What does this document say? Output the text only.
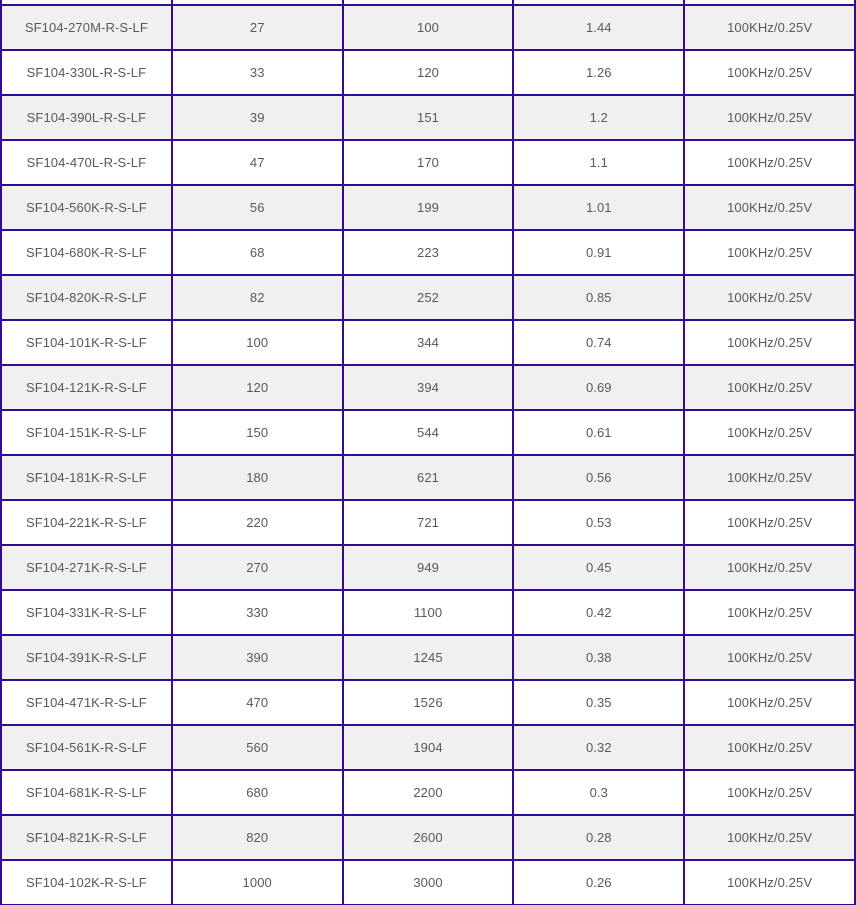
SF104-270M-R-S-LF	27	100	1.44	100KHz/0.25V
SF104-330L-R-S-LF	33	120	1.26	100KHz/0.25V
SF104-390L-R-S-LF	39	151	1.2	100KHz/0.25V
SF104-470L-R-S-LF	47	170	1.1	100KHz/0.25V
SF104-560K-R-S-LF	56	199	1.01	100KHz/0.25V
SF104-680K-R-S-LF	68	223	0.91	100KHz/0.25V
SF104-820K-R-S-LF	82	252	0.85	100KHz/0.25V
SF104-101K-R-S-LF	100	344	0.74	100KHz/0.25V
SF104-121K-R-S-LF	120	394	0.69	100KHz/0.25V
SF104-151K-R-S-LF	150	544	0.61	100KHz/0.25V
SF104-181K-R-S-LF	180	621	0.56	100KHz/0.25V
SF104-221K-R-S-LF	220	721	0.53	100KHz/0.25V
SF104-271K-R-S-LF	270	949	0.45	100KHz/0.25V
SF104-331K-R-S-LF	330	1100	0.42	100KHz/0.25V
SF104-391K-R-S-LF	390	1245	0.38	100KHz/0.25V
SF104-471K-R-S-LF	470	1526	0.35	100KHz/0.25V
SF104-561K-R-S-LF	560	1904	0.32	100KHz/0.25V
SF104-681K-R-S-LF	680	2200	0.3	100KHz/0.25V
SF104-821K-R-S-LF	820	2600	0.28	100KHz/0.25V
SF104-102K-R-S-LF	1000	3000	0.26	100KHz/0.25V
